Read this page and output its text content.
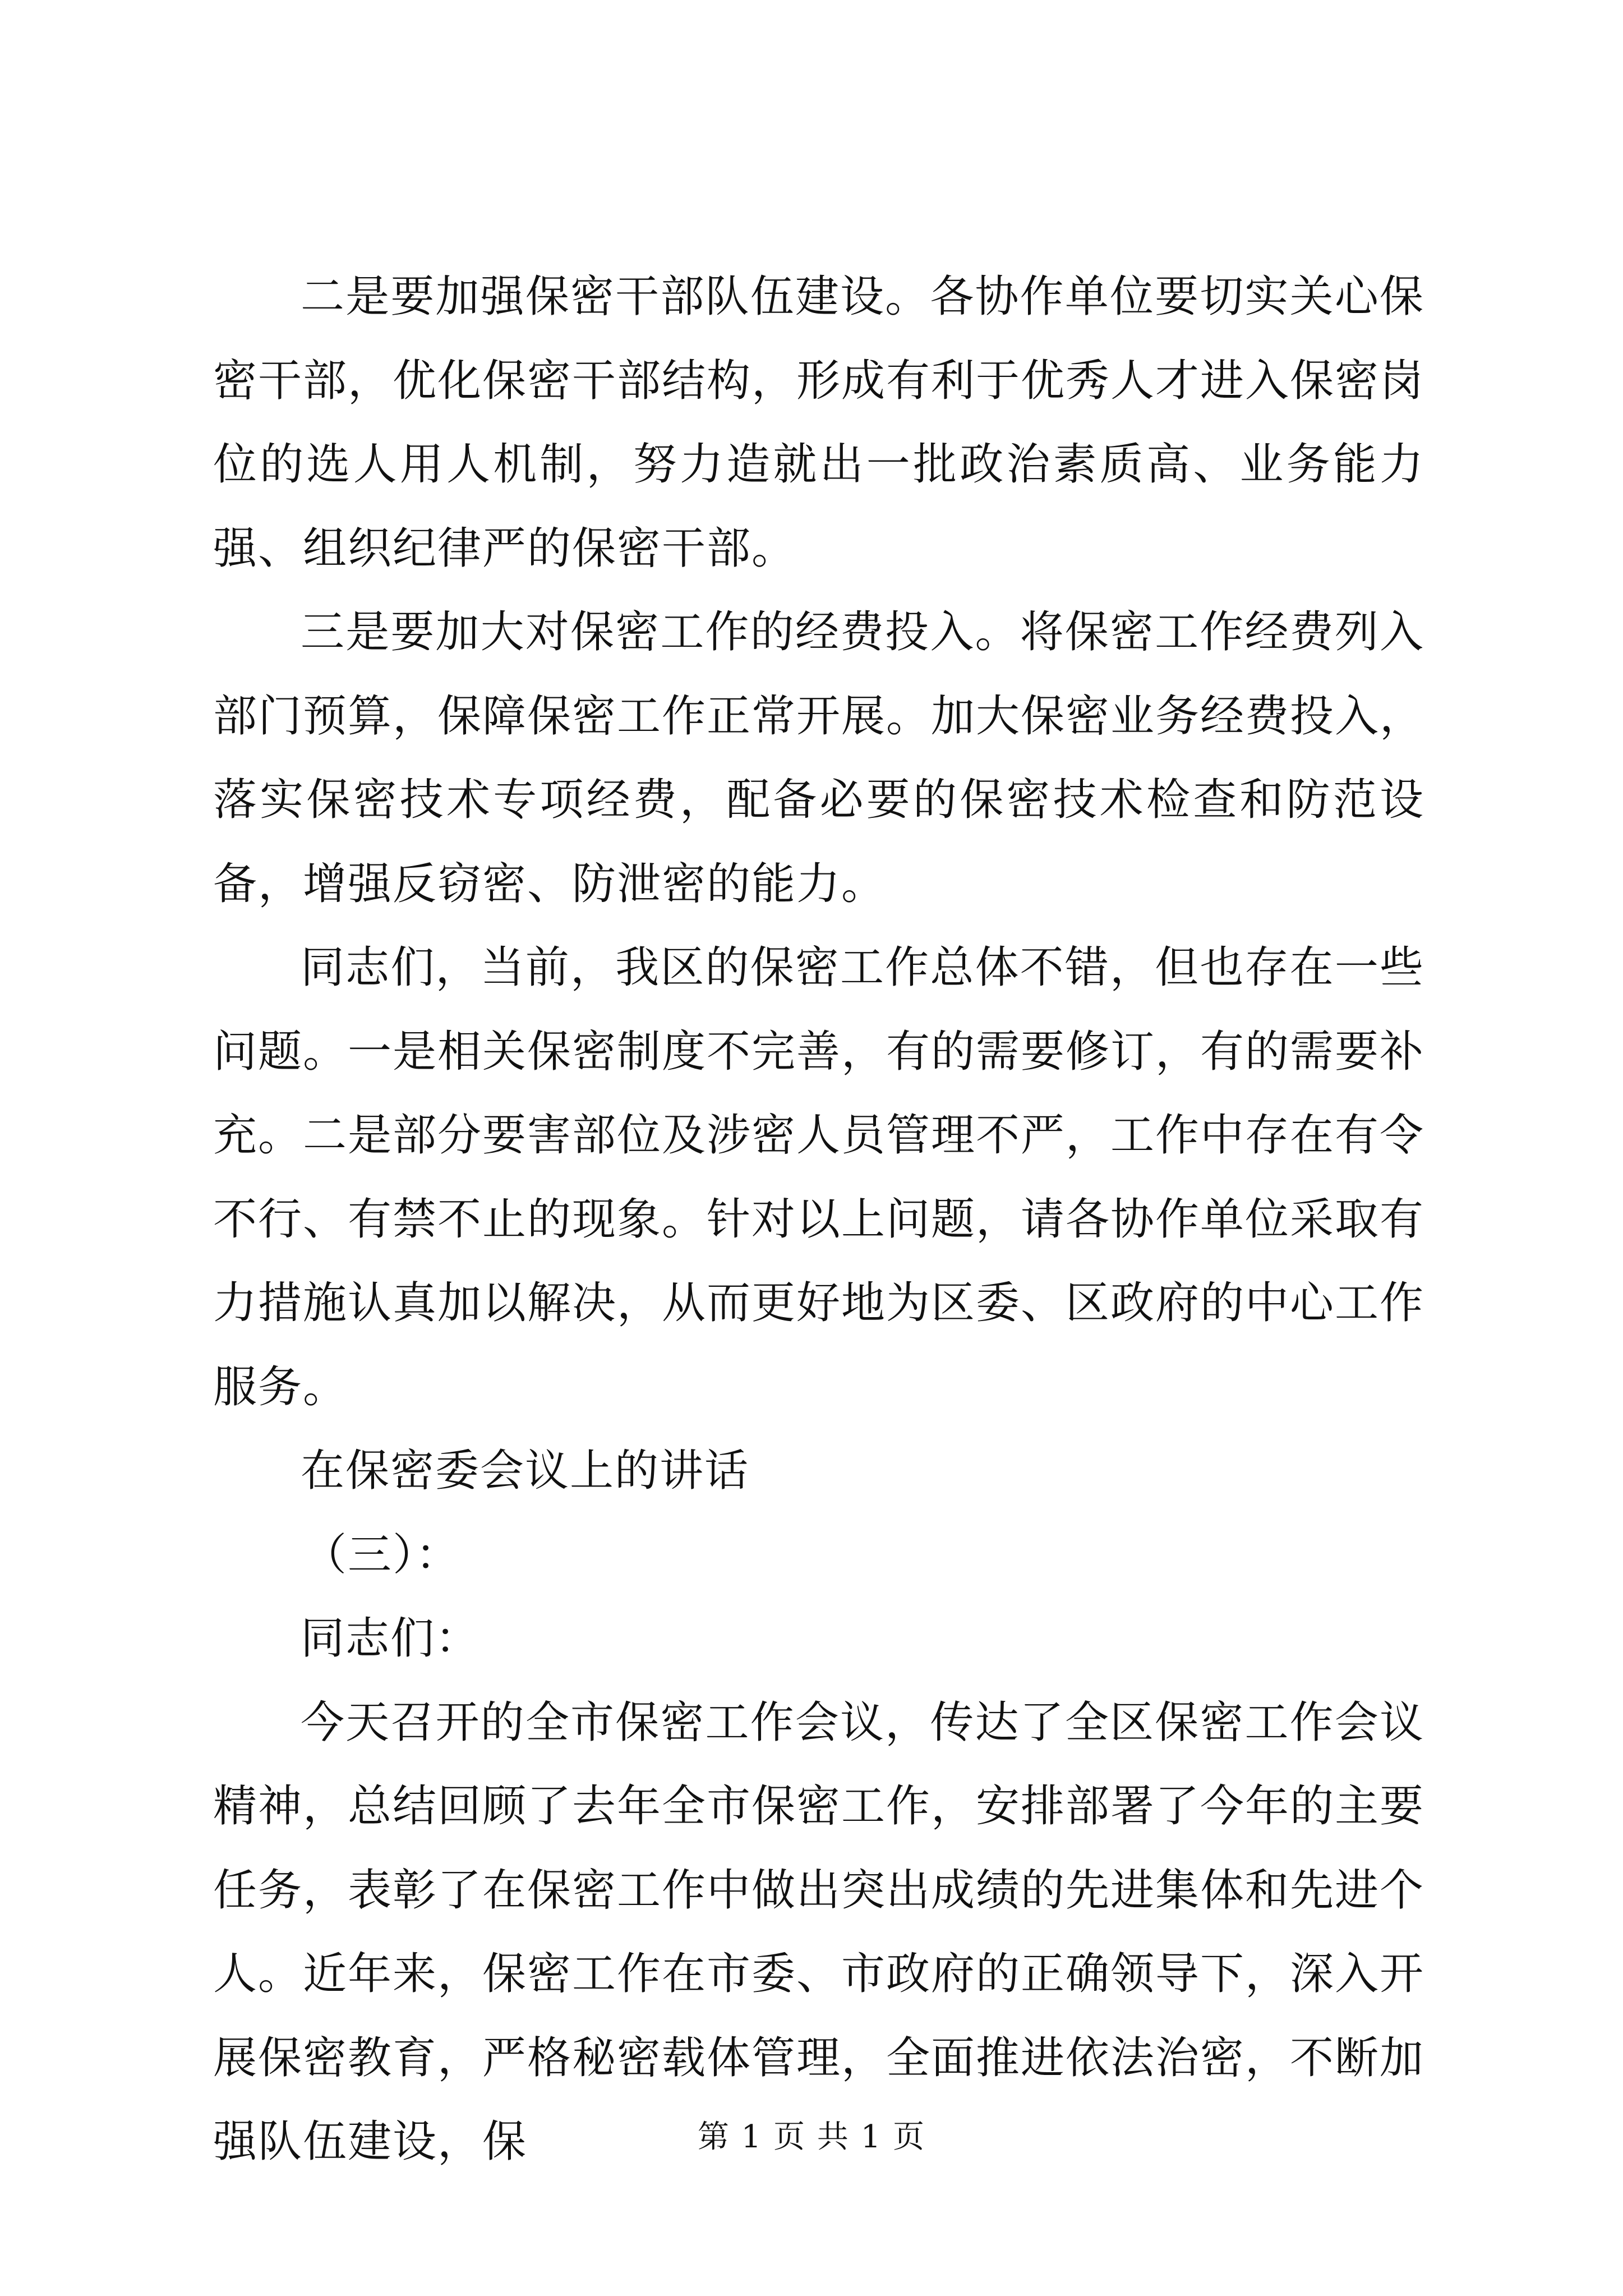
二是要加强保密干部队伍建设。各协作单位要切实关心保密干部，优化保密干部结构，形成有利于优秀人才进入保密岗位的选人用人机制，努力造就出一批政治素质高、业务能力强、组织纪律严的保密干部。

三是要加大对保密工作的经费投入。将保密工作经费列入部门预算，保障保密工作正常开展。加大保密业务经费投入，落实保密技术专项经费，配备必要的保密技术检查和防范设备，增强反窃密、防泄密的能力。

同志们，当前，我区的保密工作总体不错，但也存在一些问题。一是相关保密制度不完善，有的需要修订，有的需要补充。二是部分要害部位及涉密人员管理不严，工作中存在有令不行、有禁不止的现象。针对以上问题，请各协作单位采取有力措施认真加以解决，从而更好地为区委、区政府的中心工作服务。

在保密委会议上的讲话

（三）：

同志们：

今天召开的全市保密工作会议，传达了全区保密工作会议精神，总结回顾了去年全市保密工作，安排部署了今年的主要任务，表彰了在保密工作中做出突出成绩的先进集体和先进个人。近年来，保密工作在市委、市政府的正确领导下，深入开展保密教育，严格秘密载体管理，全面推进依法治密，不断加强队伍建设，保	第 1 页 共 1 页
